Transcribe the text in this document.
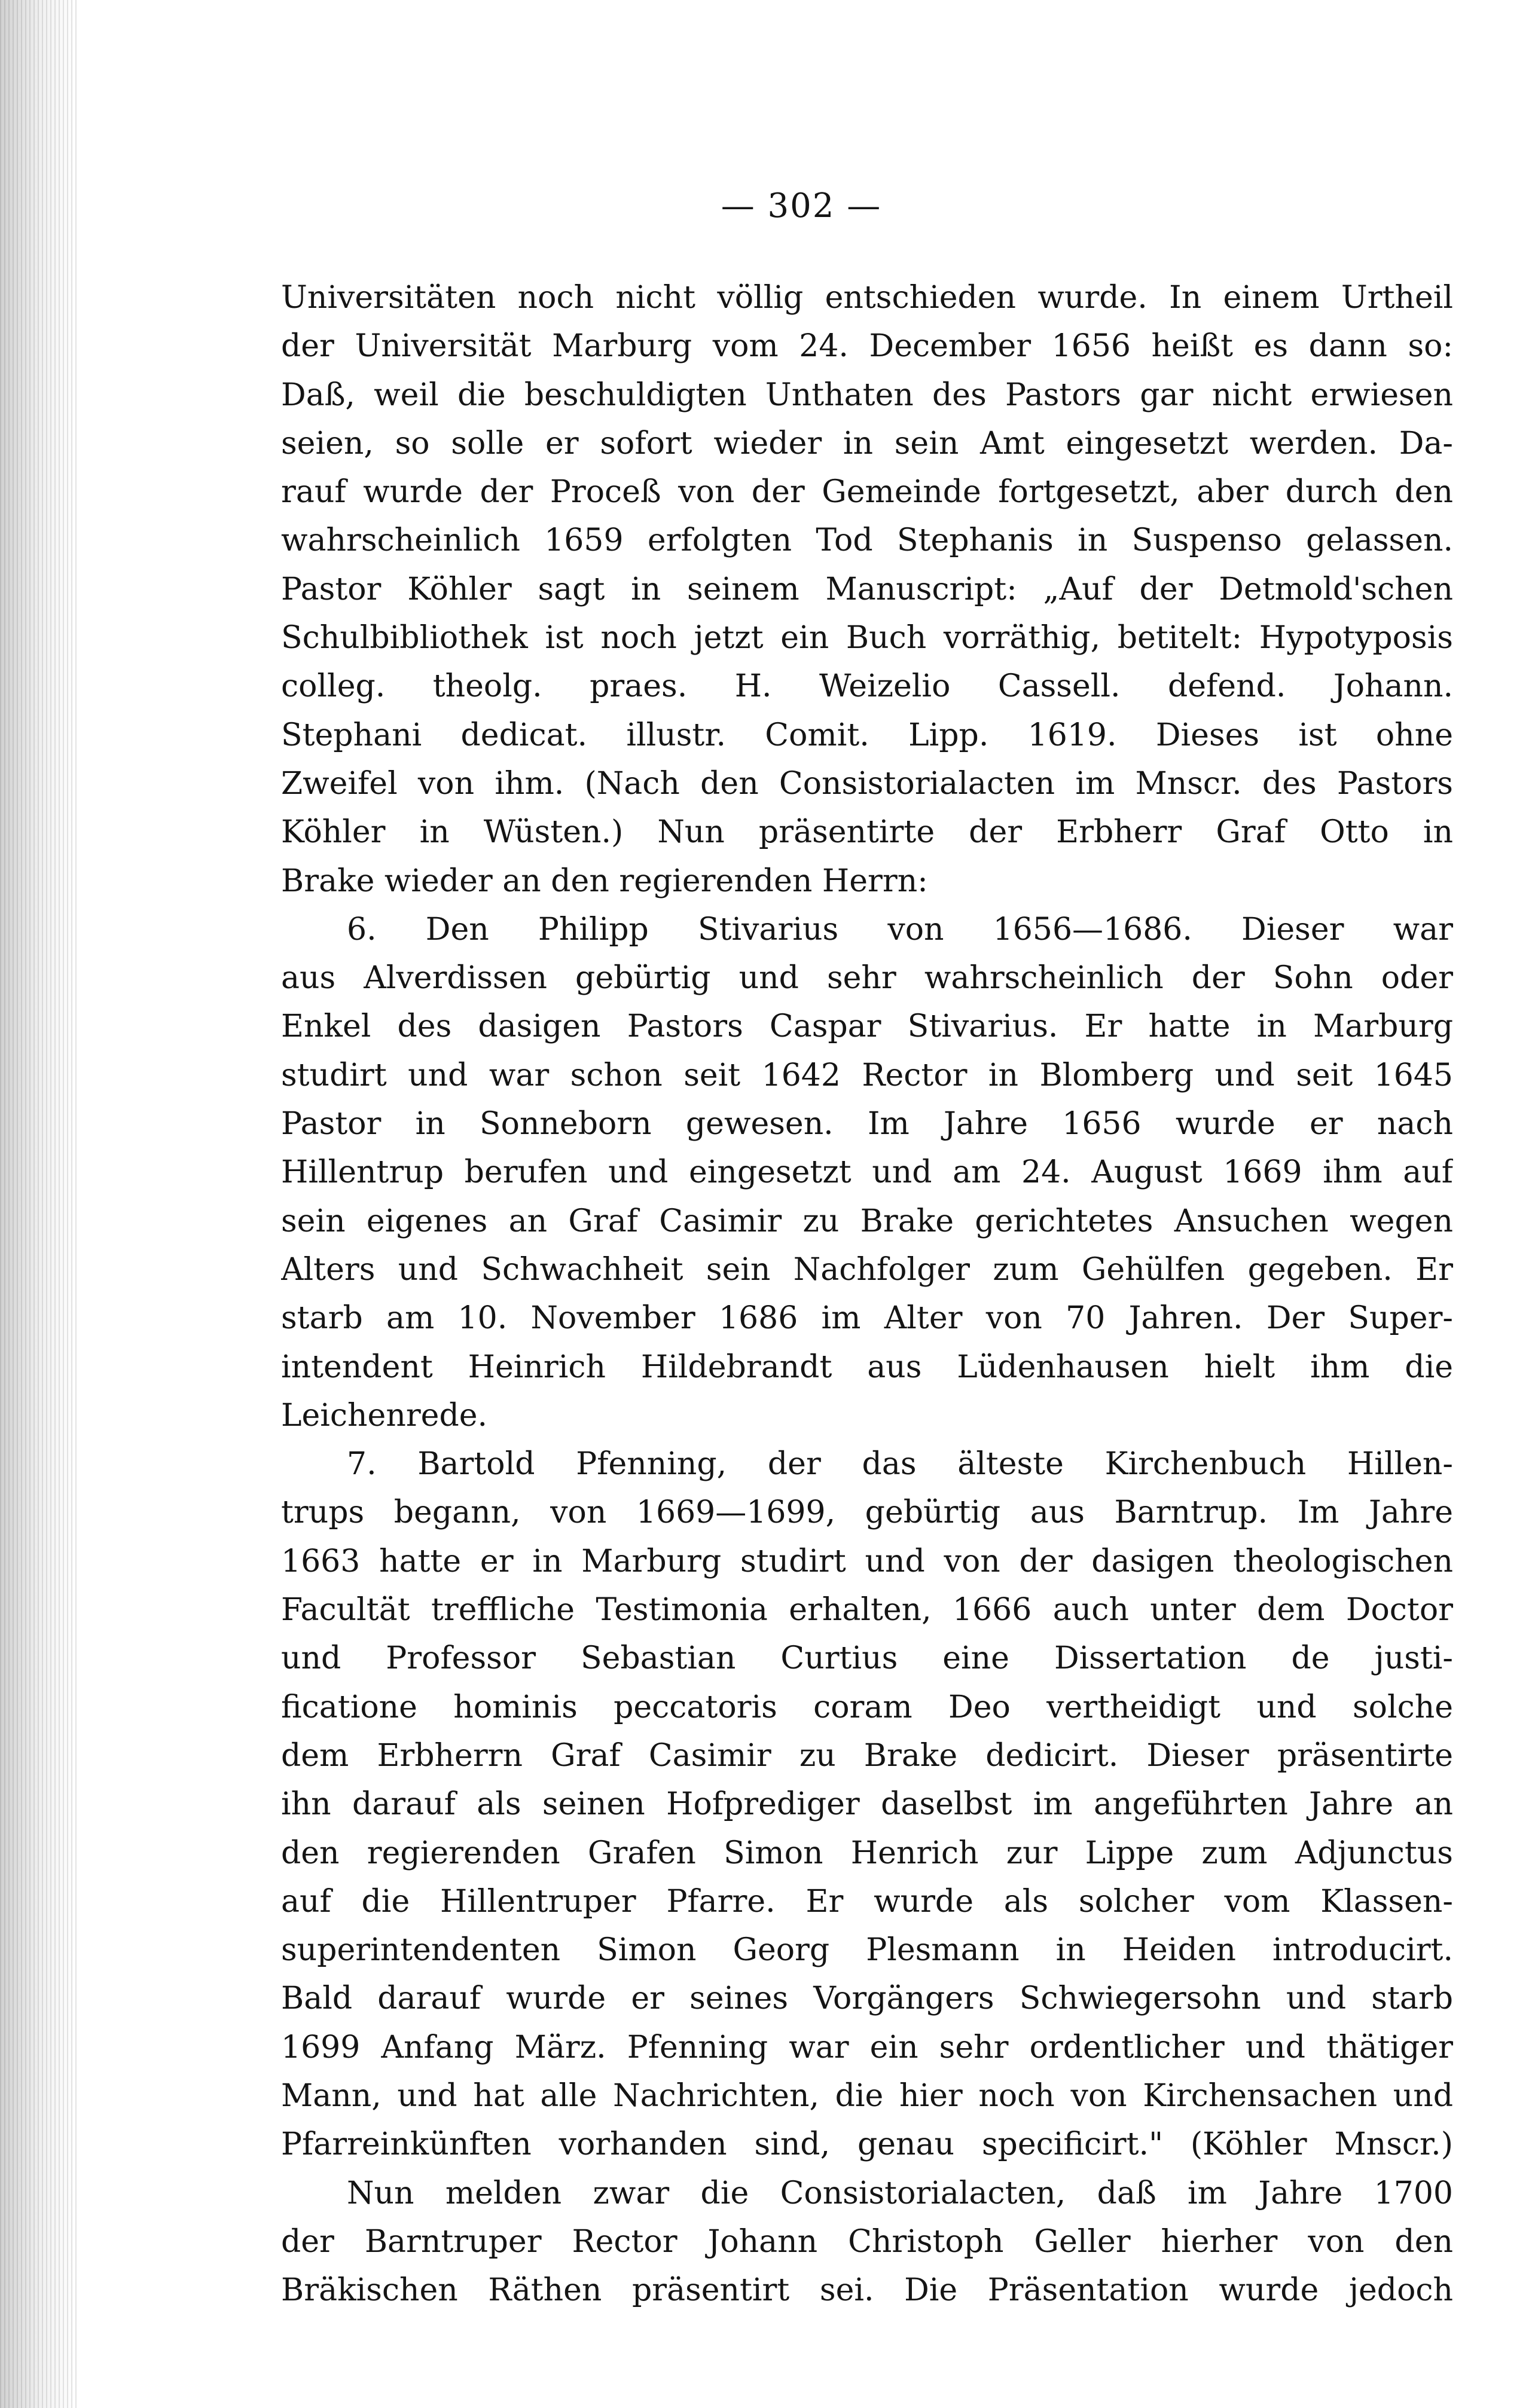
— 302 —
Universitäten noch nicht völlig entschieden wurde. In einem Urtheil
der Universität Marburg vom 24. December 1656 heißt es dann so:
Daß, weil die beschuldigten Unthaten des Pastors gar nicht erwiesen
seien, so solle er sofort wieder in sein Amt eingesetzt werden. Da-
rauf wurde der Proceß von der Gemeinde fortgesetzt, aber durch den
wahrscheinlich 1659 erfolgten Tod Stephanis in Suspenso gelassen.
Pastor Köhler sagt in seinem Manuscript: „Auf der Detmold'schen
Schulbibliothek ist noch jetzt ein Buch vorräthig, betitelt: Hypotyposis
colleg. theolg. praes. H. Weizelio Cassell. defend. Johann.
Stephani dedicat. illustr. Comit. Lipp. 1619. Dieses ist ohne
Zweifel von ihm. (Nach den Consistorialacten im Mnscr. des Pastors
Köhler in Wüsten.) Nun präsentirte der Erbherr Graf Otto in
Brake wieder an den regierenden Herrn:
6. Den Philipp Stivarius von 1656—1686. Dieser war
aus Alverdissen gebürtig und sehr wahrscheinlich der Sohn oder
Enkel des dasigen Pastors Caspar Stivarius. Er hatte in Marburg
studirt und war schon seit 1642 Rector in Blomberg und seit 1645
Pastor in Sonneborn gewesen. Im Jahre 1656 wurde er nach
Hillentrup berufen und eingesetzt und am 24. August 1669 ihm auf
sein eigenes an Graf Casimir zu Brake gerichtetes Ansuchen wegen
Alters und Schwachheit sein Nachfolger zum Gehülfen gegeben. Er
starb am 10. November 1686 im Alter von 70 Jahren. Der Super-
intendent Heinrich Hildebrandt aus Lüdenhausen hielt ihm die
Leichenrede.
7. Bartold Pfenning, der das älteste Kirchenbuch Hillen-
trups begann, von 1669—1699, gebürtig aus Barntrup. Im Jahre
1663 hatte er in Marburg studirt und von der dasigen theologischen
Facultät treffliche Testimonia erhalten, 1666 auch unter dem Doctor
und Professor Sebastian Curtius eine Dissertation de justi-
ficatione hominis peccatoris coram Deo vertheidigt und solche
dem Erbherrn Graf Casimir zu Brake dedicirt. Dieser präsentirte
ihn darauf als seinen Hofprediger daselbst im angeführten Jahre an
den regierenden Grafen Simon Henrich zur Lippe zum Adjunctus
auf die Hillentruper Pfarre. Er wurde als solcher vom Klassen-
superintendenten Simon Georg Plesmann in Heiden introducirt.
Bald darauf wurde er seines Vorgängers Schwiegersohn und starb
1699 Anfang März. Pfenning war ein sehr ordentlicher und thätiger
Mann, und hat alle Nachrichten, die hier noch von Kirchensachen und
Pfarreinkünften vorhanden sind, genau specificirt." (Köhler Mnscr.)
Nun melden zwar die Consistorialacten, daß im Jahre 1700
der Barntruper Rector Johann Christoph Geller hierher von den
Bräkischen Räthen präsentirt sei. Die Präsentation wurde jedoch
